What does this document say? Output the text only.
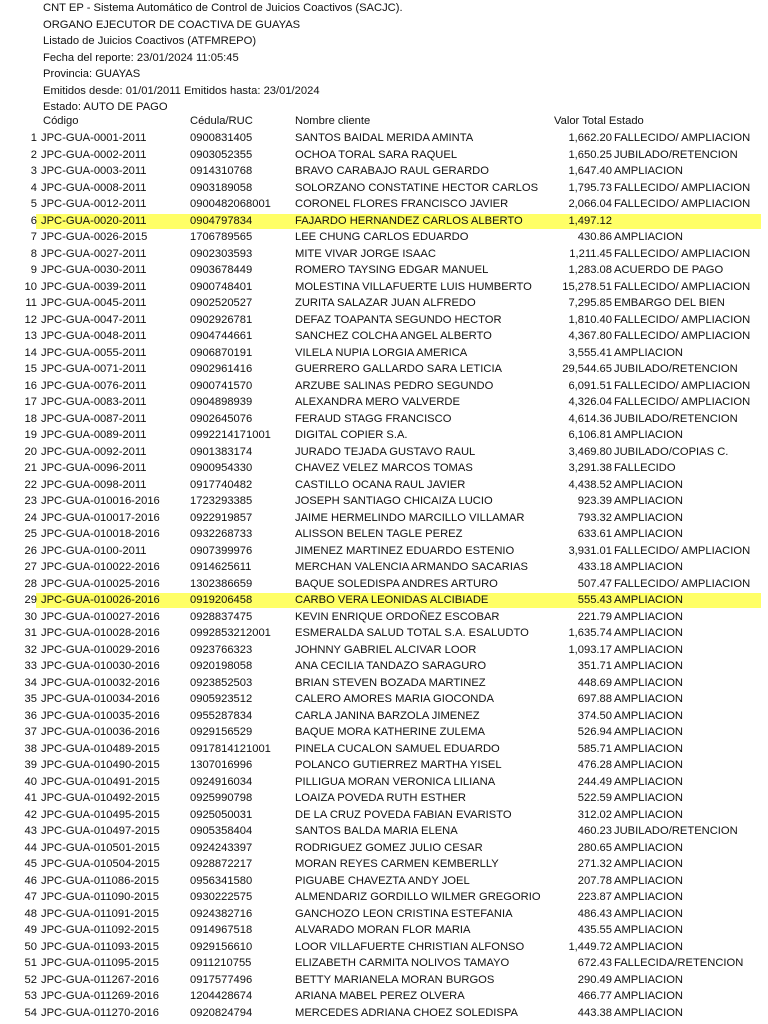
CNT EP - Sistema Automático de Control de Juicios Coactivos (SACJC).
ORGANO EJECUTOR DE COACTIVA DE GUAYAS
Listado de Juicios Coactivos (ATFMREPO)
Fecha del reporte: 23/01/2024 11:05:45
Provincia: GUAYAS
Emitidos desde: 01/01/2011 Emitidos hasta: 23/01/2024
Estado: AUTO DE PAGO
Código	Cédula/RUC	Nombre cliente	Valor Total Estado
1 JPC-GUA-0001-2011	0900831405	SANTOS BAIDAL MERIDA AMINTA	1,662.20 FALLECIDO/ AMPLIACION
2 JPC-GUA-0002-2011	0903052355	OCHOA TORAL SARA RAQUEL	1,650.25 JUBILADO/RETENCION
3 JPC-GUA-0003-2011	0914310768	BRAVO CARABAJO RAUL GERARDO	1,647.40 AMPLIACION
4 JPC-GUA-0008-2011	0903189058	SOLORZANO CONSTATINE HECTOR CARLOS	1,795.73 FALLECIDO/ AMPLIACION
5 JPC-GUA-0012-2011	0900482068001 CORONEL FLORES FRANCISCO JAVIER	2,066.04 FALLECIDO/ AMPLIACION
6 JPC-GUA-0020-2011	0904797834	FAJARDO HERNANDEZ CARLOS ALBERTO	1,497.12
7 JPC-GUA-0026-2015	1706789565	LEE CHUNG CARLOS EDUARDO	430.86 AMPLIACION
8 JPC-GUA-0027-2011	0902303593	MITE VIVAR JORGE ISAAC	1,211.45 FALLECIDO/ AMPLIACION
9 JPC-GUA-0030-2011	0903678449	ROMERO TAYSING EDGAR MANUEL	1,283.08 ACUERDO DE PAGO
10 JPC-GUA-0039-2011	0900748401	MOLESTINA VILLAFUERTE LUIS HUMBERTO	15,278.51 FALLECIDO/ AMPLIACION
11 JPC-GUA-0045-2011	0902520527	ZURITA SALAZAR JUAN ALFREDO	7,295.85 EMBARGO DEL BIEN
12 JPC-GUA-0047-2011	0902926781	DEFAZ TOAPANTA SEGUNDO HECTOR	1,810.40 FALLECIDO/ AMPLIACION
13 JPC-GUA-0048-2011	0904744661	SANCHEZ COLCHA ANGEL ALBERTO	4,367.80 FALLECIDO/ AMPLIACION
14 JPC-GUA-0055-2011	0906870191	VILELA NUPIA LORGIA AMERICA	3,555.41 AMPLIACION
15 JPC-GUA-0071-2011	0902961416	GUERRERO GALLARDO SARA LETICIA	29,544.65 JUBILADO/RETENCION
16 JPC-GUA-0076-2011	0900741570	ARZUBE SALINAS PEDRO SEGUNDO	6,091.51 FALLECIDO/ AMPLIACION
17 JPC-GUA-0083-2011	0904898939	ALEXANDRA MERO VALVERDE	4,326.04 FALLECIDO/ AMPLIACION
18 JPC-GUA-0087-2011	0902645076	FERAUD STAGG FRANCISCO	4,614.36 JUBILADO/RETENCION
19 JPC-GUA-0089-2011	0992214171001 DIGITAL COPIER S.A.	6,106.81 AMPLIACION
20 JPC-GUA-0092-2011	0901383174	JURADO TEJADA GUSTAVO RAUL	3,469.80 JUBILADO/COPIAS C.
21 JPC-GUA-0096-2011	0900954330	CHAVEZ VELEZ MARCOS TOMAS	3,291.38 FALLECIDO
22 JPC-GUA-0098-2011	0917740482	CASTILLO OCANA RAUL JAVIER	4,438.52 AMPLIACION
23 JPC-GUA-010016-2016	1723293385	JOSEPH SANTIAGO CHICAIZA LUCIO	923.39 AMPLIACION
24 JPC-GUA-010017-2016	0922919857	JAIME HERMELINDO MARCILLO VILLAMAR	793.32 AMPLIACION
25 JPC-GUA-010018-2016	0932268733	ALISSON BELEN TAGLE PEREZ	633.61 AMPLIACION
26 JPC-GUA-0100-2011	0907399976	JIMENEZ MARTINEZ EDUARDO ESTENIO	3,931.01 FALLECIDO/ AMPLIACION
27 JPC-GUA-010022-2016	0914625611	MERCHAN VALENCIA ARMANDO SACARIAS	433.18 AMPLIACION
28 JPC-GUA-010025-2016	1302386659	BAQUE SOLEDISPA ANDRES ARTURO	507.47 FALLECIDO/ AMPLIACION
29 JPC-GUA-010026-2016	0919206458	CARBO VERA LEONIDAS ALCIBIADE	555.43 AMPLIACION
30 JPC-GUA-010027-2016	0928837475	KEVIN ENRIQUE ORDOÑEZ ESCOBAR	221.79 AMPLIACION
31 JPC-GUA-010028-2016	0992853212001 ESMERALDA SALUD TOTAL S.A. ESALUDTO	1,635.74 AMPLIACION
32 JPC-GUA-010029-2016	0923766323	JOHNNY GABRIEL ALCIVAR LOOR	1,093.17 AMPLIACION
33 JPC-GUA-010030-2016	0920198058	ANA CECILIA TANDAZO SARAGURO	351.71 AMPLIACION
34 JPC-GUA-010032-2016	0923852503	BRIAN STEVEN BOZADA MARTINEZ	448.69 AMPLIACION
35 JPC-GUA-010034-2016	0905923512	CALERO AMORES MARIA GIOCONDA	697.88 AMPLIACION
36 JPC-GUA-010035-2016	0955287834	CARLA JANINA BARZOLA JIMENEZ	374.50 AMPLIACION
37 JPC-GUA-010036-2016	0929156529	BAQUE MORA KATHERINE ZULEMA	526.94 AMPLIACION
38 JPC-GUA-010489-2015	0917814121001 PINELA CUCALON SAMUEL EDUARDO	585.71 AMPLIACION
39 JPC-GUA-010490-2015	1307016996	POLANCO GUTIERREZ MARTHA YISEL	476.28 AMPLIACION
40 JPC-GUA-010491-2015	0924916034	PILLIGUA MORAN VERONICA LILIANA	244.49 AMPLIACION
41 JPC-GUA-010492-2015	0925990798	LOAIZA POVEDA RUTH ESTHER	522.59 AMPLIACION
42 JPC-GUA-010495-2015	0925050031	DE LA CRUZ POVEDA FABIAN EVARISTO	312.02 AMPLIACION
43 JPC-GUA-010497-2015	0905358404	SANTOS BALDA MARIA ELENA	460.23 JUBILADO/RETENCION
44 JPC-GUA-010501-2015	0924243397	RODRIGUEZ GOMEZ JULIO CESAR	280.65 AMPLIACION
45 JPC-GUA-010504-2015	0928872217	MORAN REYES CARMEN KEMBERLLY	271.32 AMPLIACION
46 JPC-GUA-011086-2015	0956341580	PIGUABE CHAVEZTA ANDY JOEL	207.78 AMPLIACION
47 JPC-GUA-011090-2015	0930222575	ALMENDARIZ GORDILLO WILMER GREGORIO	223.87 AMPLIACION
48 JPC-GUA-011091-2015	0924382716	GANCHOZO LEON CRISTINA ESTEFANIA	486.43 AMPLIACION
49 JPC-GUA-011092-2015	0914967518	ALVARADO MORAN FLOR MARIA	435.55 AMPLIACION
50 JPC-GUA-011093-2015	0929156610	LOOR VILLAFUERTE CHRISTIAN ALFONSO	1,449.72 AMPLIACION
51 JPC-GUA-011095-2015	0911210755	ELIZABETH CARMITA NOLIVOS TAMAYO	672.43 FALLECIDA/RETENCION
52 JPC-GUA-011267-2016	0917577496	BETTY MARIANELA MORAN BURGOS	290.49 AMPLIACION
53 JPC-GUA-011269-2016	1204428674	ARIANA MABEL PEREZ OLVERA	466.77 AMPLIACION
54 JPC-GUA-011270-2016	0920824794	MERCEDES ADRIANA CHOEZ SOLEDISPA	443.38 AMPLIACION
